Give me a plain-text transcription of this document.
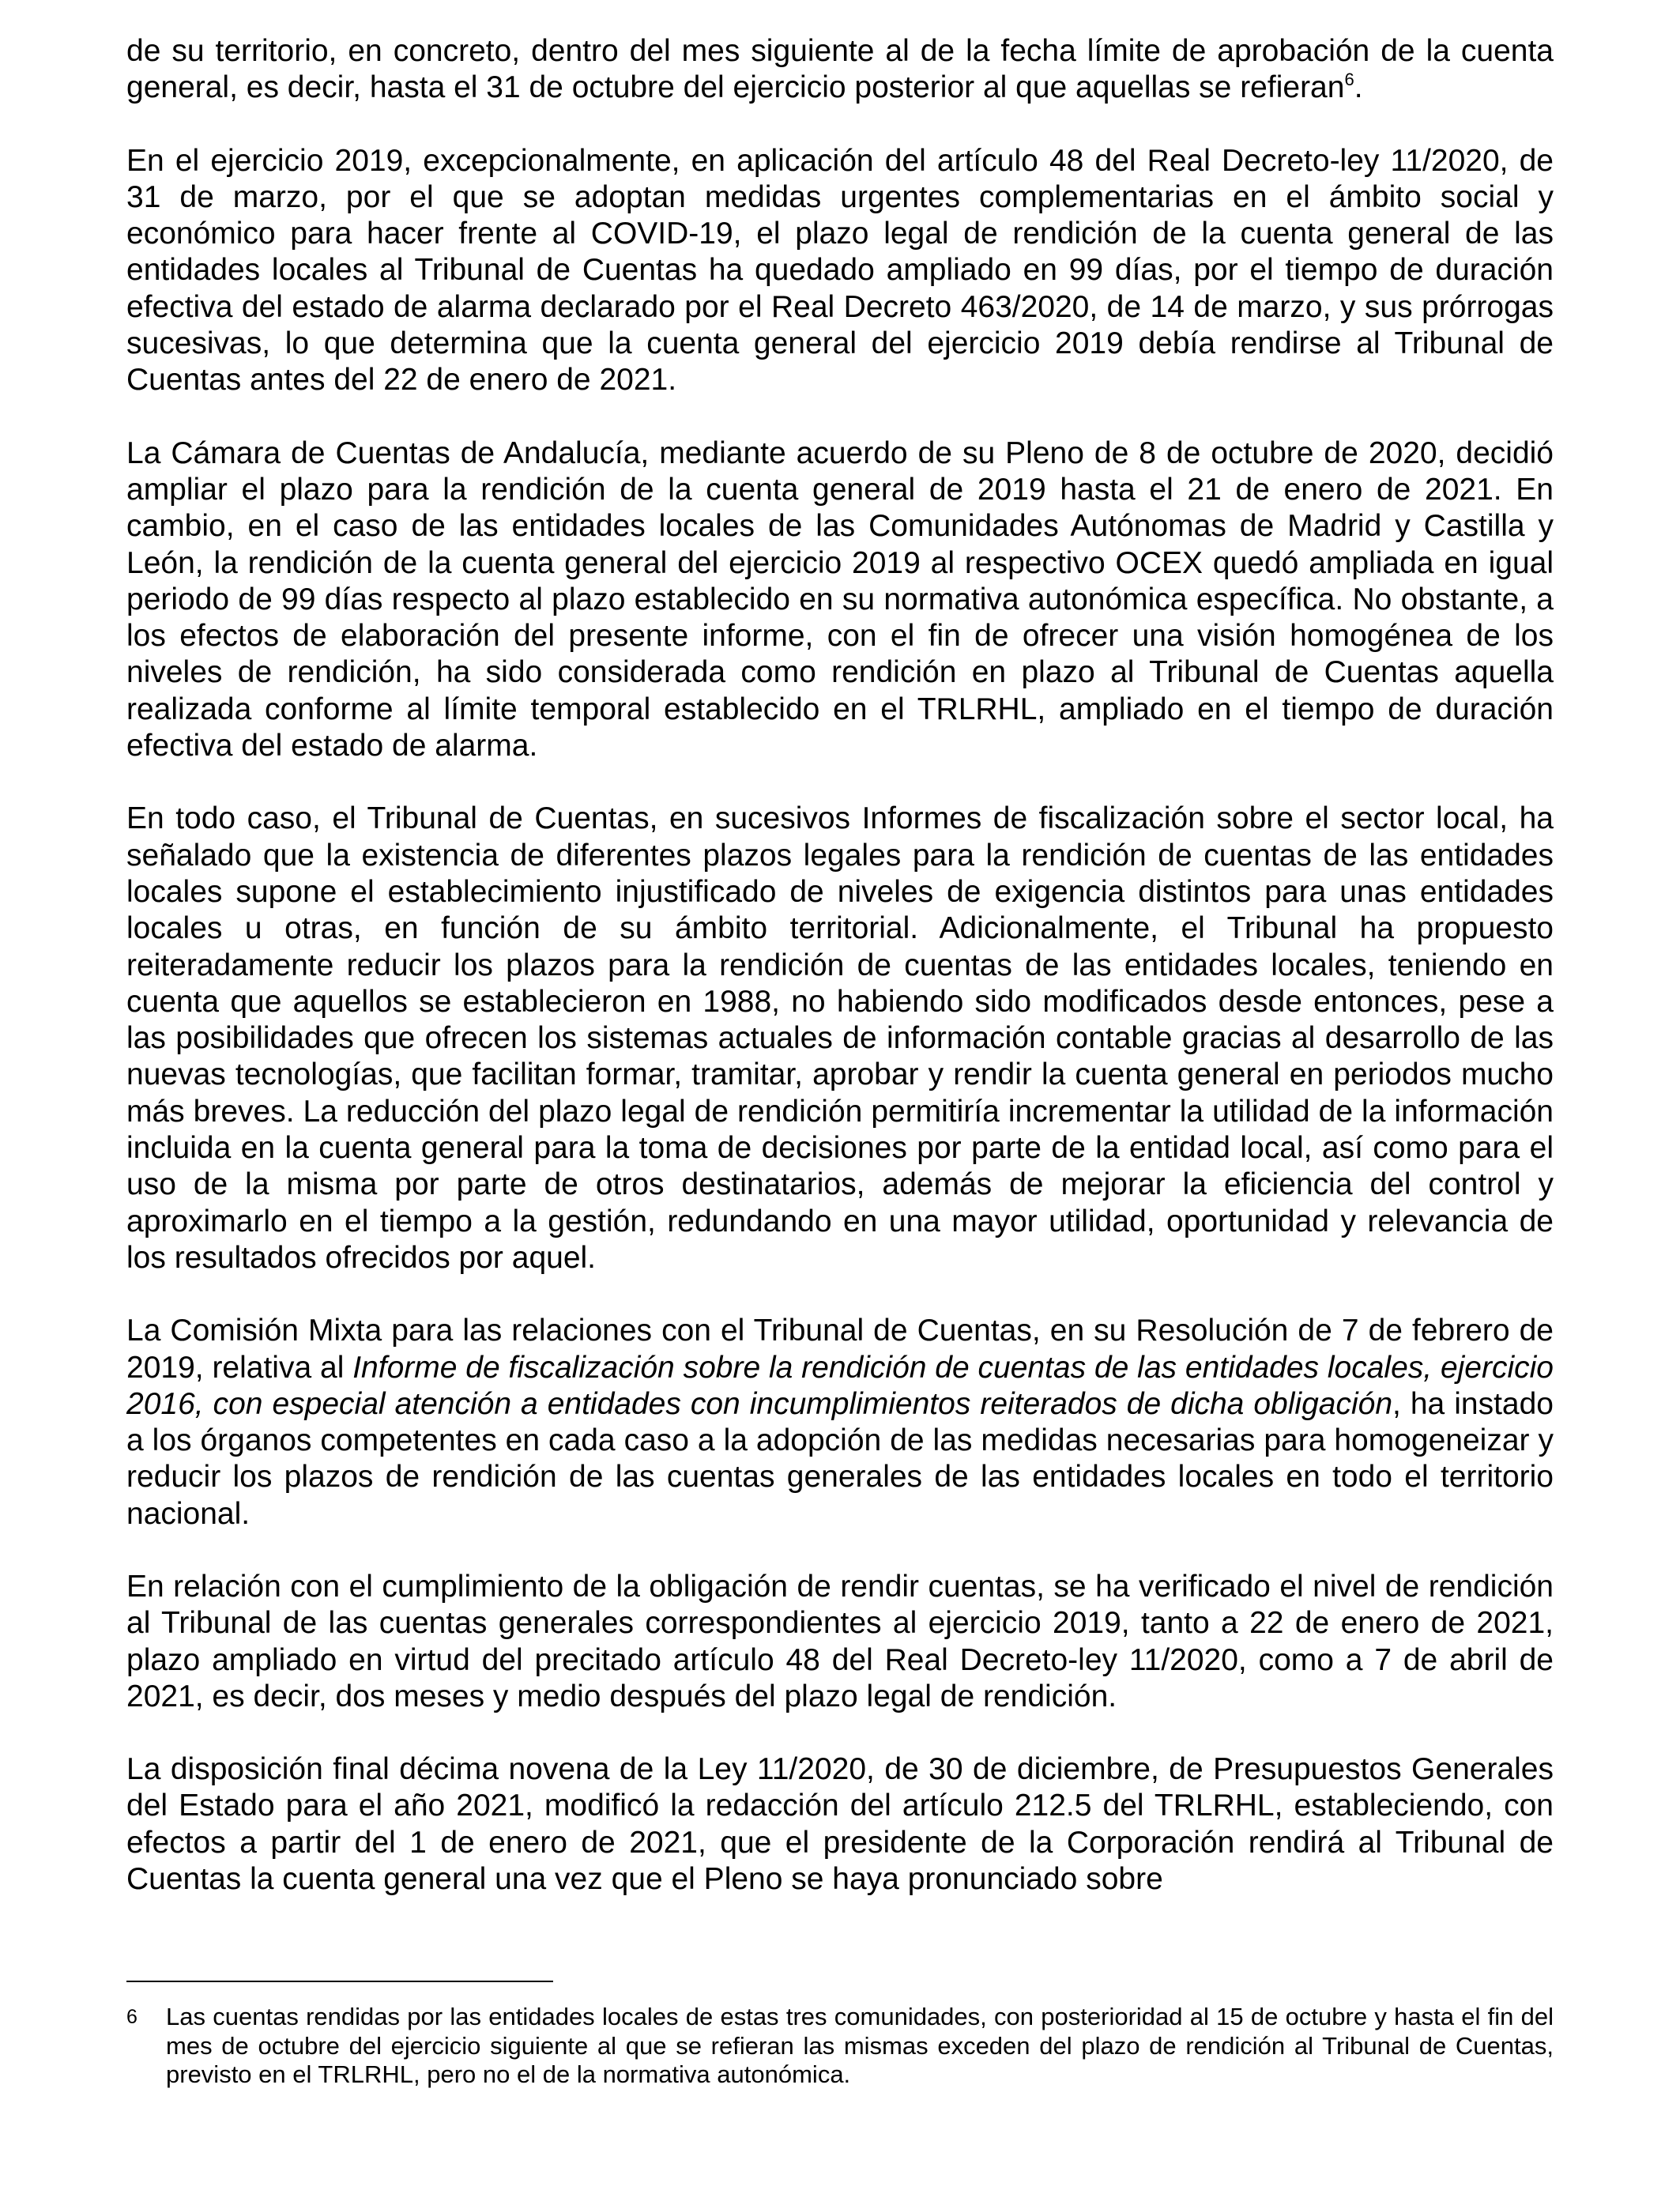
de su territorio, en concreto, dentro del mes siguiente al de la fecha límite de aprobación de la cuenta general, es decir, hasta el 31 de octubre del ejercicio posterior al que aquellas se refieran$^6$.

En el ejercicio 2019, excepcionalmente, en aplicación del artículo 48 del Real Decreto-ley 11/2020, de 31 de marzo, por el que se adoptan medidas urgentes complementarias en el ámbito social y económico para hacer frente al COVID-19, el plazo legal de rendición de la cuenta general de las entidades locales al Tribunal de Cuentas ha quedado ampliado en 99 días, por el tiempo de duración efectiva del estado de alarma declarado por el Real Decreto 463/2020, de 14 de marzo, y sus prórrogas sucesivas, lo que determina que la cuenta general del ejercicio 2019 debía rendirse al Tribunal de Cuentas antes del 22 de enero de 2021.

La Cámara de Cuentas de Andalucía, mediante acuerdo de su Pleno de 8 de octubre de 2020, decidió ampliar el plazo para la rendición de la cuenta general de 2019 hasta el 21 de enero de 2021. En cambio, en el caso de las entidades locales de las Comunidades Autónomas de Madrid y Castilla y León, la rendición de la cuenta general del ejercicio 2019 al respectivo OCEX quedó ampliada en igual periodo de 99 días respecto al plazo establecido en su normativa autonómica específica. No obstante, a los efectos de elaboración del presente informe, con el fin de ofrecer una visión homogénea de los niveles de rendición, ha sido considerada como rendición en plazo al Tribunal de Cuentas aquella realizada conforme al límite temporal establecido en el TRLRHL, ampliado en el tiempo de duración efectiva del estado de alarma.

En todo caso, el Tribunal de Cuentas, en sucesivos Informes de fiscalización sobre el sector local, ha señalado que la existencia de diferentes plazos legales para la rendición de cuentas de las entidades locales supone el establecimiento injustificado de niveles de exigencia distintos para unas entidades locales u otras, en función de su ámbito territorial. Adicionalmente, el Tribunal ha propuesto reiteradamente reducir los plazos para la rendición de cuentas de las entidades locales, teniendo en cuenta que aquellos se establecieron en 1988, no habiendo sido modificados desde entonces, pese a las posibilidades que ofrecen los sistemas actuales de información contable gracias al desarrollo de las nuevas tecnologías, que facilitan formar, tramitar, aprobar y rendir la cuenta general en periodos mucho más breves. La reducción del plazo legal de rendición permitiría incrementar la utilidad de la información incluida en la cuenta general para la toma de decisiones por parte de la entidad local, así como para el uso de la misma por parte de otros destinatarios, además de mejorar la eficiencia del control y aproximarlo en el tiempo a la gestión, redundando en una mayor utilidad, oportunidad y relevancia de los resultados ofrecidos por aquel.

La Comisión Mixta para las relaciones con el Tribunal de Cuentas, en su Resolución de 7 de febrero de 2019, relativa al Informe de fiscalización sobre la rendición de cuentas de las entidades locales, ejercicio 2016, con especial atención a entidades con incumplimientos reiterados de dicha obligación, ha instado a los órganos competentes en cada caso a la adopción de las medidas necesarias para homogeneizar y reducir los plazos de rendición de las cuentas generales de las entidades locales en todo el territorio nacional.

En relación con el cumplimiento de la obligación de rendir cuentas, se ha verificado el nivel de rendición al Tribunal de las cuentas generales correspondientes al ejercicio 2019, tanto a 22 de enero de 2021, plazo ampliado en virtud del precitado artículo 48 del Real Decreto-ley 11/2020, como a 7 de abril de 2021, es decir, dos meses y medio después del plazo legal de rendición.

La disposición final décima novena de la Ley 11/2020, de 30 de diciembre, de Presupuestos Generales del Estado para el año 2021, modificó la redacción del artículo 212.5 del TRLRHL, estableciendo, con efectos a partir del 1 de enero de 2021, que el presidente de la Corporación rendirá al Tribunal de Cuentas la cuenta general una vez que el Pleno se haya pronunciado sobre

6 Las cuentas rendidas por las entidades locales de estas tres comunidades, con posterioridad al 15 de octubre y hasta el fin del mes de octubre del ejercicio siguiente al que se refieran las mismas exceden del plazo de rendición al Tribunal de Cuentas, previsto en el TRLRHL, pero no el de la normativa autonómica.
